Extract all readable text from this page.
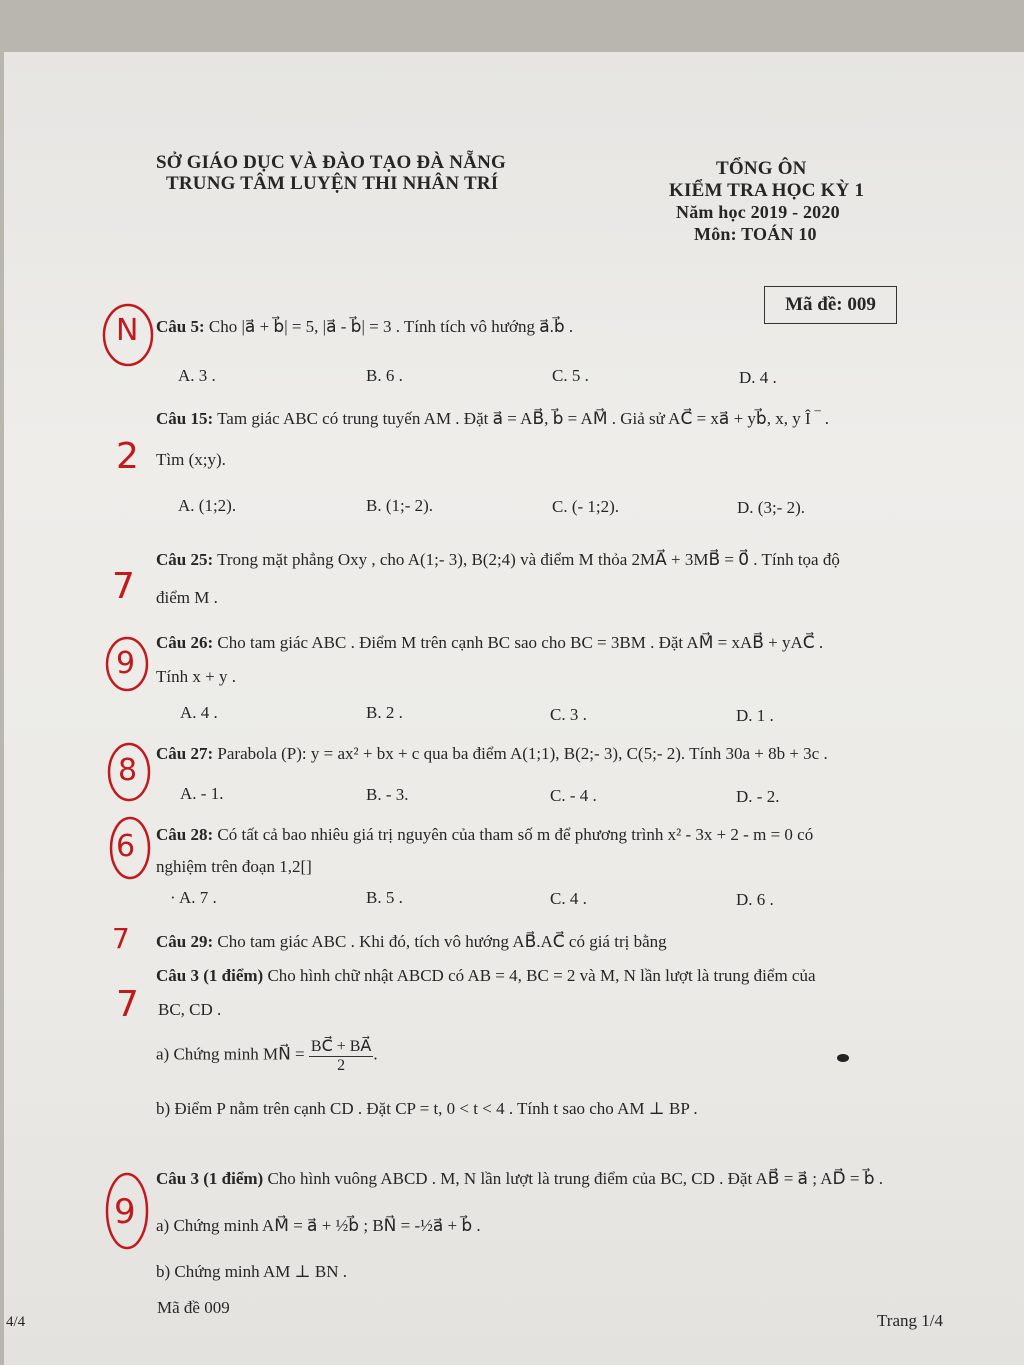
SỞ GIÁO DỤC VÀ ĐÀO TẠO ĐÀ NẴNG
TRUNG TÂM LUYỆN THI NHÂN TRÍ
TỔNG ÔN
KIỂM TRA HỌC KỲ 1
Năm học 2019 - 2020
Môn: TOÁN 10
Mã đề: 009
Câu 5: Cho |a⃗ + b⃗| = 5, |a⃗ - b⃗| = 3 . Tính tích vô hướng a⃗.b⃗ .
A. 3 .	B. 6 .	C. 5 .	D. 4 .
Câu 15: Tam giác ABC có trung tuyến AM . Đặt a⃗ = AB⃗, b⃗ = AM⃗ . Giả sử AC⃗ = xa⃗ + yb⃗, x, y Î ‾ .
Tìm (x;y).
A. (1;2).	B. (1;- 2).	C. (- 1;2).	D. (3;- 2).
Câu 25: Trong mặt phẳng Oxy , cho A(1;- 3), B(2;4) và điểm M thỏa 2MA⃗ + 3MB⃗ = 0⃗ . Tính tọa độ
điểm M .
Câu 26: Cho tam giác ABC . Điểm M trên cạnh BC sao cho BC = 3BM . Đặt AM⃗ = xAB⃗ + yAC⃗ .
Tính x + y .
A. 4 .	B. 2 .	C. 3 .	D. 1 .
Câu 27: Parabola (P): y = ax² + bx + c qua ba điểm A(1;1), B(2;- 3), C(5;- 2). Tính 30a + 8b + 3c .
A. - 1.	B. - 3.	C. - 4 .	D. - 2.
Câu 28: Có tất cả bao nhiêu giá trị nguyên của tham số m để phương trình x² - 3x + 2 - m = 0 có
nghiệm trên đoạn 1,2[]
· A. 7 .	B. 5 .	C. 4 .	D. 6 .
Câu 29: Cho tam giác ABC . Khi đó, tích vô hướng AB⃗.AC⃗ có giá trị bằng
Câu 3 (1 điểm) Cho hình chữ nhật ABCD có AB = 4, BC = 2 và M, N lần lượt là trung điểm của
BC, CD .
a) Chứng minh MN⃗ = $\frac{BC⃗ + BA⃗}{2}$ .
b) Điểm P nằm trên cạnh CD . Đặt CP = t, 0 < t < 4 . Tính t sao cho AM ⊥ BP .
Câu 3 (1 điểm) Cho hình vuông ABCD . M, N lần lượt là trung điểm của BC, CD . Đặt AB⃗ = a⃗ ; AD⃗ = b⃗ .
a) Chứng minh AM⃗ = a⃗ + ½b⃗ ; BN⃗ = -½a⃗ + b⃗ .
b) Chứng minh AM ⊥ BN .
Mã đề 009
Trang 1/4
4/4
N
2
7
9
8
6
7
7
9
